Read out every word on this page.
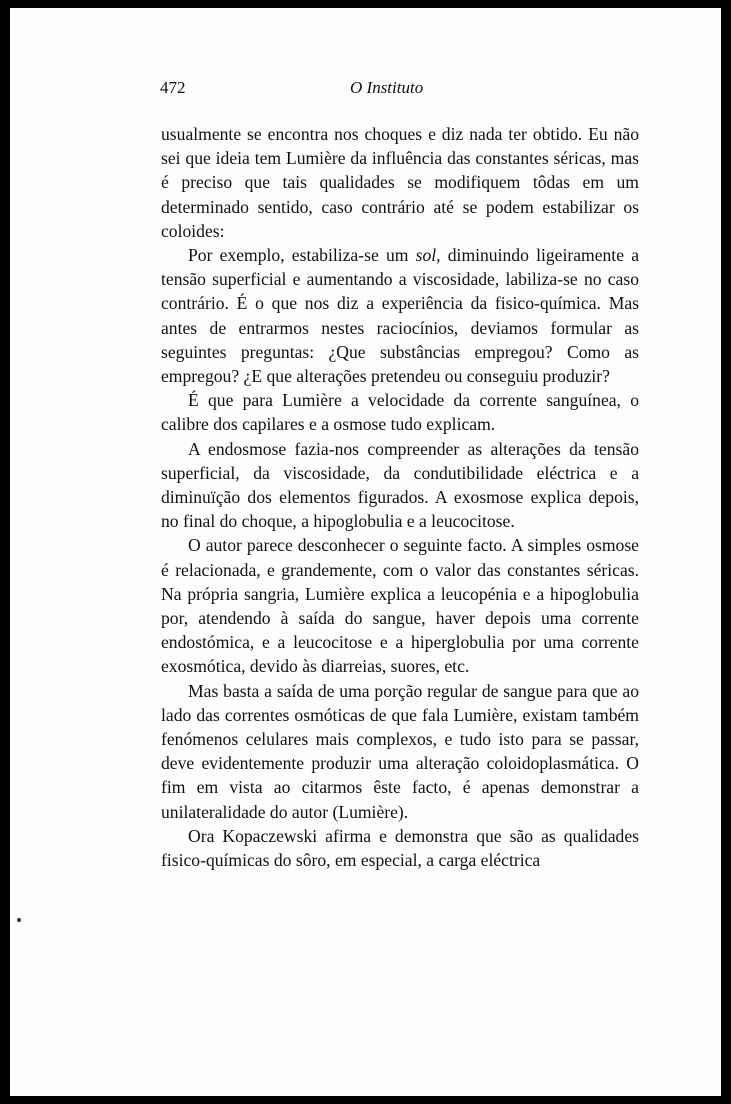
472	O Instituto

usualmente se encontra nos choques e diz nada ter obtido. Eu não sei que ideia tem Lumière da influência das constantes séricas, mas é preciso que tais qualidades se modifiquem tôdas em um determinado sentido, caso contrário até se podem estabilizar os coloides:

Por exemplo, estabiliza-se um sol, diminuindo ligeiramente a tensão superficial e aumentando a viscosidade, labiliza-se no caso contrário. É o que nos diz a experiência da fisico-química. Mas antes de entrarmos nestes raciocínios, deviamos formular as seguintes preguntas: ¿Que substâncias empregou? Como as empregou? ¿E que alterações pretendeu ou conseguiu produzir?

É que para Lumière a velocidade da corrente sanguínea, o calibre dos capilares e a osmose tudo explicam.

A endosmose fazia-nos compreender as alterações da tensão superficial, da viscosidade, da condutibilidade eléctrica e a diminuïção dos elementos figurados. A exosmose explica depois, no final do choque, a hipoglobulia e a leucocitose.

O autor parece desconhecer o seguinte facto. A simples osmose é relacionada, e grandemente, com o valor das constantes séricas. Na própria sangria, Lumière explica a leucopénia e a hipoglobulia por, atendendo à saída do sangue, haver depois uma corrente endostómica, e a leucocitose e a hiperglobulia por uma corrente exosmótica, devido às diarreias, suores, etc.

Mas basta a saída de uma porção regular de sangue para que ao lado das correntes osmóticas de que fala Lumière, existam também fenómenos celulares mais complexos, e tudo isto para se passar, deve evidentemente produzir uma alteração coloidoplasmática. O fim em vista ao citarmos êste facto, é apenas demonstrar a unilateralidade do autor (Lumière).

Ora Kopaczewski afirma e demonstra que são as qualidades fisico-químicas do sôro, em especial, a carga eléctrica
